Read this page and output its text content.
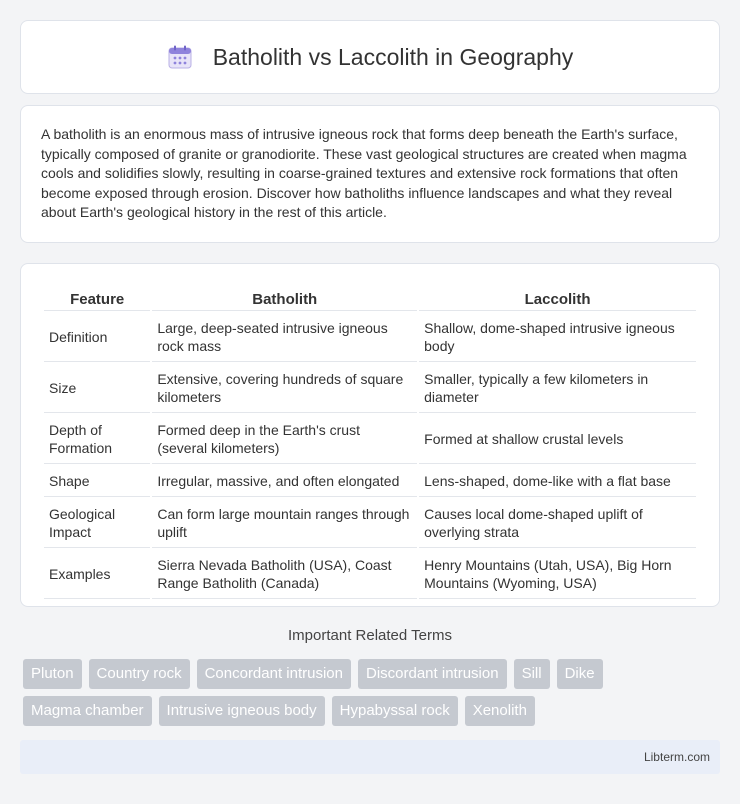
Batholith vs Laccolith in Geography

A batholith is an enormous mass of intrusive igneous rock that forms deep beneath the Earth's surface, typically composed of granite or granodiorite. These vast geological structures are created when magma cools and solidifies slowly, resulting in coarse-grained textures and extensive rock formations that often become exposed through erosion. Discover how batholiths influence landscapes and what they reveal about Earth's geological history in the rest of this article.

Feature	Batholith	Laccolith
Definition	Large, deep-seated intrusive igneous rock mass	Shallow, dome-shaped intrusive igneous body
Size	Extensive, covering hundreds of square kilometers	Smaller, typically a few kilometers in diameter
Depth of Formation	Formed deep in the Earth's crust (several kilometers)	Formed at shallow crustal levels
Shape	Irregular, massive, and often elongated	Lens-shaped, dome-like with a flat base
Geological Impact	Can form large mountain ranges through uplift	Causes local dome-shaped uplift of overlying strata
Examples	Sierra Nevada Batholith (USA), Coast Range Batholith (Canada)	Henry Mountains (Utah, USA), Big Horn Mountains (Wyoming, USA)
Important Related Terms
Pluton	Country rock	Concordant intrusion	Discordant intrusion	Sill	Dike
Magma chamber	Intrusive igneous body	Hypabyssal rock	Xenolith
Libterm.com
